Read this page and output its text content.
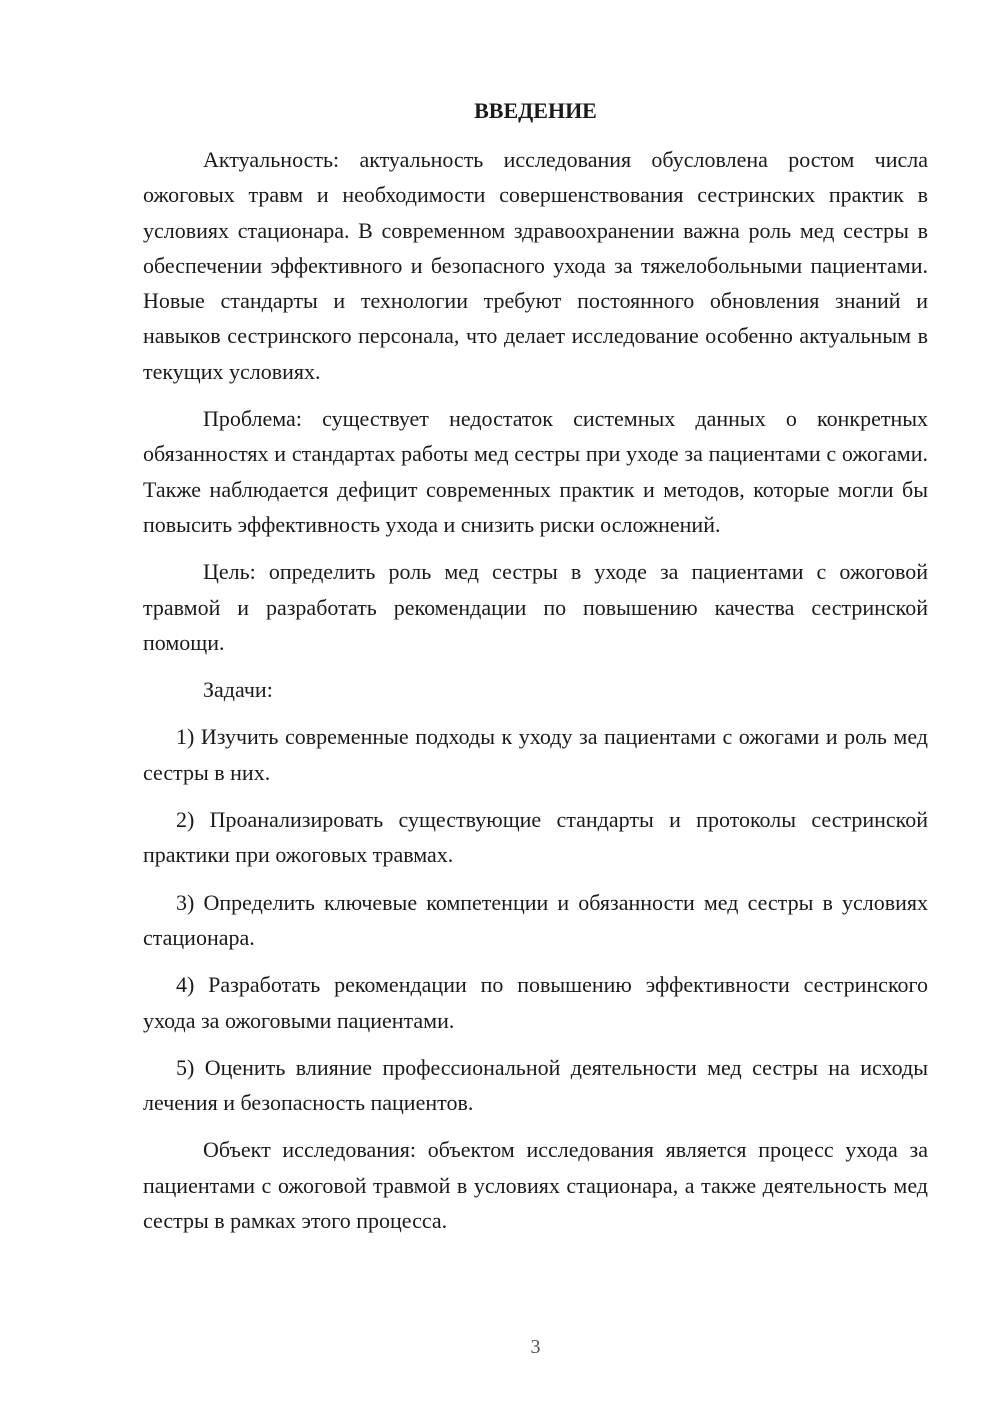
ВВЕДЕНИЕ

Актуальность: актуальность исследования обусловлена ростом числа ожоговых травм и необходимости совершенствования сестринских практик в условиях стационара. В современном здравоохранении важна роль мед сестры в обеспечении эффективного и безопасного ухода за тяжелобольными пациентами. Новые стандарты и технологии требуют постоянного обновления знаний и навыков сестринского персонала, что делает исследование особенно актуальным в текущих условиях.

Проблема: существует недостаток системных данных о конкретных обязанностях и стандартах работы мед сестры при уходе за пациентами с ожогами. Также наблюдается дефицит современных практик и методов, которые могли бы повысить эффективность ухода и снизить риски осложнений.

Цель: определить роль мед сестры в уходе за пациентами с ожоговой травмой и разработать рекомендации по повышению качества сестринской помощи.

Задачи:

1) Изучить современные подходы к уходу за пациентами с ожогами и роль мед сестры в них.

2) Проанализировать существующие стандарты и протоколы сестринской практики при ожоговых травмах.

3) Определить ключевые компетенции и обязанности мед сестры в условиях стационара.

4) Разработать рекомендации по повышению эффективности сестринского ухода за ожоговыми пациентами.

5) Оценить влияние профессиональной деятельности мед сестры на исходы лечения и безопасность пациентов.

Объект исследования: объектом исследования является процесс ухода за пациентами с ожоговой травмой в условиях стационара, а также деятельность мед сестры в рамках этого процесса.

3
